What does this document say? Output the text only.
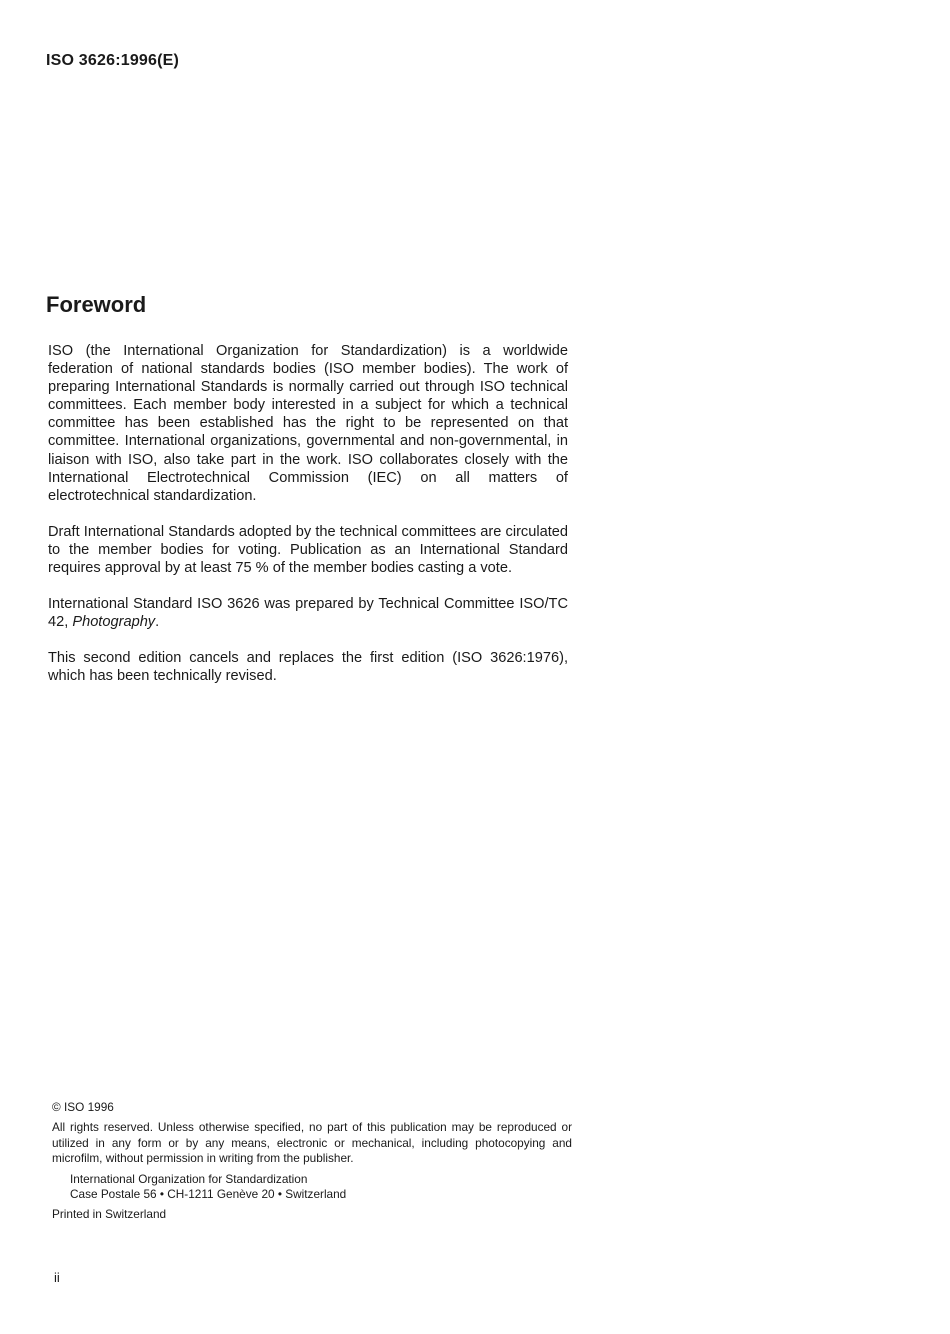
ISO 3626:1996(E)
Foreword

ISO (the International Organization for Standardization) is a worldwide federation of national standards bodies (ISO member bodies). The work of preparing International Standards is normally carried out through ISO technical committees. Each member body interested in a subject for which a technical committee has been established has the right to be represented on that committee. International organizations, governmental and non-governmental, in liaison with ISO, also take part in the work. ISO collaborates closely with the International Electrotechnical Commission (IEC) on all matters of electrotechnical standardization.

Draft International Standards adopted by the technical committees are circulated to the member bodies for voting. Publication as an International Standard requires approval by at least 75 % of the member bodies casting a vote.

International Standard ISO 3626 was prepared by Technical Committee ISO/TC 42, Photography.

This second edition cancels and replaces the first edition (ISO 3626:1976), which has been technically revised.

© ISO 1996

All rights reserved. Unless otherwise specified, no part of this publication may be reproduced or utilized in any form or by any means, electronic or mechanical, including photocopying and microfilm, without permission in writing from the publisher.

International Organization for Standardization
Case Postale 56 • CH-1211 Genève 20 • Switzerland

Printed in Switzerland

ii
